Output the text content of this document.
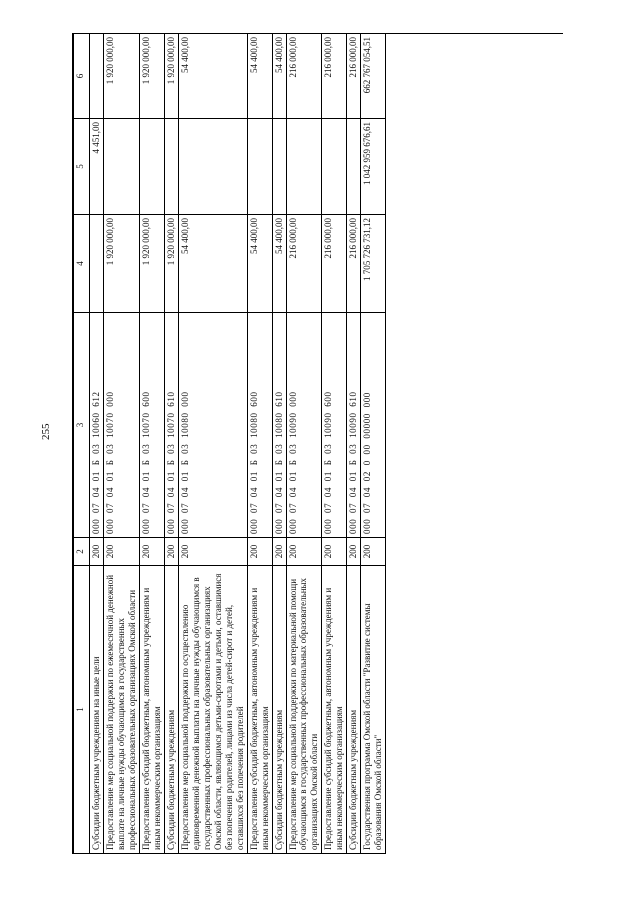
255
1	2	3	4	5	6
Субсидии бюджетным учреждениям на иные цели	200	000  07  04  01  Б  03  10060  612		4 451,00	
Предоставление мер социальной поддержки по ежемесячной денежной выплате на личные нужды обучающимся в государственных профессиональных образовательных организациях Омской области	200	000  07  04  01  Б  03  10070  000	1 920 000,00		1 920 000,00
Предоставление субсидий бюджетным, автономным учреждениям и иным некоммерческим организациям	200	000  07  04  01  Б  03  10070  600	1 920 000,00		1 920 000,00
Субсидии бюджетным учреждениям	200	000  07  04  01  Б  03  10070  610	1 920 000,00		1 920 000,00
Предоставление мер социальной поддержки по осуществлению единовременной денежной выплаты на личные нужды обучающимся в государственных профессиональных образовательных организациях Омской области, являющимся детьми-сиротами и детьми, оставшимися без попечения родителей, лицами из числа детей-сирот и детей, оставшихся без попечения родителей	200	000  07  04  01  Б  03  10080  000	54 400,00		54 400,00
Предоставление субсидий бюджетным, автономным учреждениям и иным некоммерческим организациям	200	000  07  04  01  Б  03  10080  600	54 400,00		54 400,00
Субсидии бюджетным учреждениям	200	000  07  04  01  Б  03  10080  610	54 400,00		54 400,00
Предоставление мер социальной поддержки по материальной помощи обучающимся в государственных профессиональных образовательных организациях Омской области	200	000  07  04  01  Б  03  10090  000	216 000,00		216 000,00
Предоставление субсидий бюджетным, автономным учреждениям и иным некоммерческим организациям	200	000  07  04  01  Б  03  10090  600	216 000,00		216 000,00
Субсидии бюджетным учреждениям	200	000  07  04  01  Б  03  10090  610	216 000,00		216 000,00
Государственная программа Омской области "Развитие системы образования Омской области"	200	000  07  04  02  0  00  00000  000	1 705 726 731,12	1 042 959 676,61	662 767 054,51
